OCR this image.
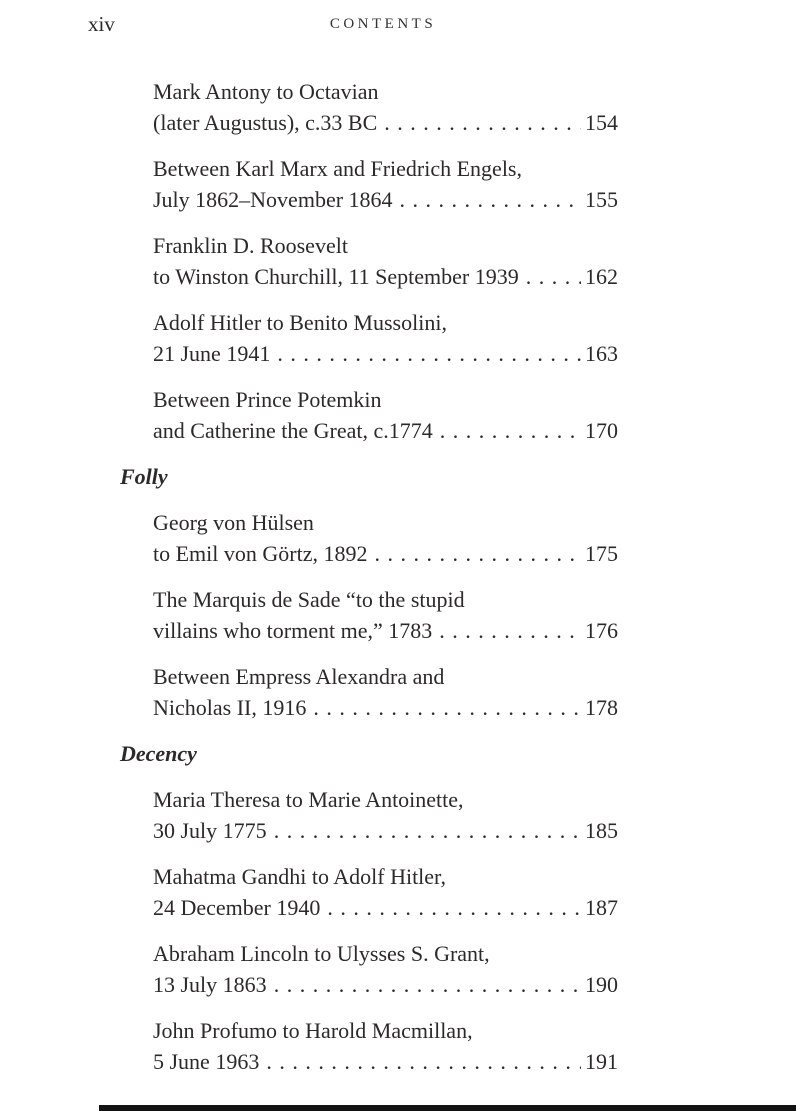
xiv	CONTENTS
Mark Antony to Octavian
(later Augustus), c.33 BC . . .	154
Between Karl Marx and Friedrich Engels,
July 1862–November 1864 . . .	155
Franklin D. Roosevelt
to Winston Churchill, 11 September 1939 . . .	162
Adolf Hitler to Benito Mussolini,
21 June 1941 . . .	163
Between Prince Potemkin
and Catherine the Great, c.1774 . . .	170
Folly
Georg von Hülsen
to Emil von Görtz, 1892 . . .	175
The Marquis de Sade “to the stupid
villains who torment me,” 1783 . . .	176
Between Empress Alexandra and
Nicholas II, 1916 . . .	178
Decency
Maria Theresa to Marie Antoinette,
30 July 1775 . . .	185
Mahatma Gandhi to Adolf Hitler,
24 December 1940 . . .	187
Abraham Lincoln to Ulysses S. Grant,
13 July 1863 . . .	190
John Profumo to Harold Macmillan,
5 June 1963 . . .	191
